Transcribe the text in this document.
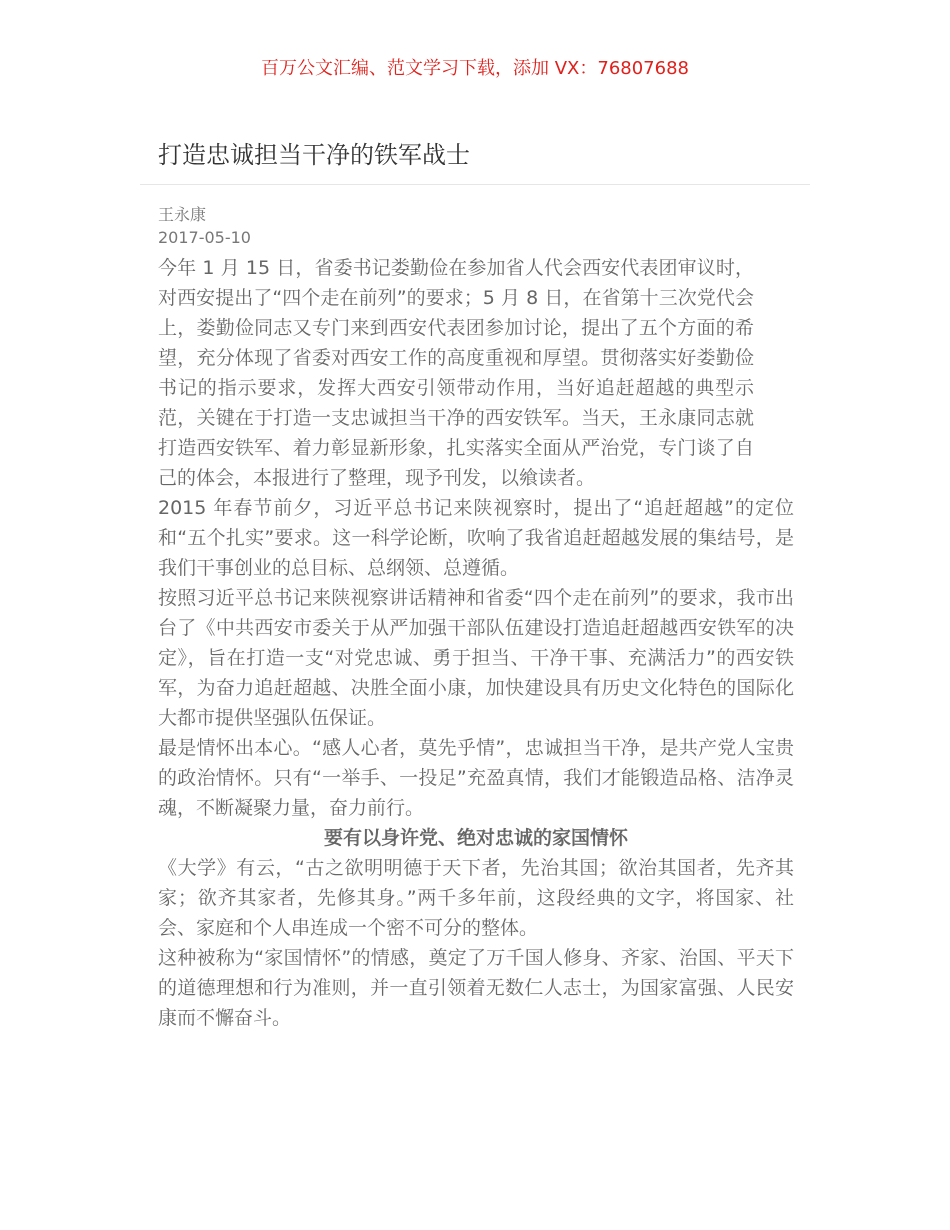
百万公文汇编、范文学习下载，添加 VX：76807688
打造忠诚担当干净的铁军战士
王永康
2017-05-10

今年 1 月 15 日，省委书记娄勤俭在参加省人代会西安代表团审议时，对西安提出了“四个走在前列”的要求；5 月 8 日，在省第十三次党代会上，娄勤俭同志又专门来到西安代表团参加讨论，提出了五个方面的希望，充分体现了省委对西安工作的高度重视和厚望。贯彻落实好娄勤俭书记的指示要求，发挥大西安引领带动作用，当好追赶超越的典型示范，关键在于打造一支忠诚担当干净的西安铁军。当天，王永康同志就打造西安铁军、着力彰显新形象，扎实落实全面从严治党，专门谈了自己的体会，本报进行了整理，现予刊发，以飨读者。

2015 年春节前夕，习近平总书记来陕视察时，提出了“追赶超越”的定位和“五个扎实”要求。这一科学论断，吹响了我省追赶超越发展的集结号，是我们干事创业的总目标、总纲领、总遵循。

按照习近平总书记来陕视察讲话精神和省委“四个走在前列”的要求，我市出台了《中共西安市委关于从严加强干部队伍建设打造追赶超越西安铁军的决定》，旨在打造一支“对党忠诚、勇于担当、干净干事、充满活力”的西安铁军，为奋力追赶超越、决胜全面小康，加快建设具有历史文化特色的国际化大都市提供坚强队伍保证。

最是情怀出本心。“感人心者，莫先乎情”，忠诚担当干净，是共产党人宝贵的政治情怀。只有“一举手、一投足”充盈真情，我们才能锻造品格、洁净灵魂，不断凝聚力量，奋力前行。

要有以身许党、绝对忠诚的家国情怀

《大学》有云，“古之欲明明德于天下者，先治其国；欲治其国者，先齐其家；欲齐其家者，先修其身。”两千多年前，这段经典的文字，将国家、社会、家庭和个人串连成一个密不可分的整体。

这种被称为“家国情怀”的情感，奠定了万千国人修身、齐家、治国、平天下的道德理想和行为准则，并一直引领着无数仁人志士，为国家富强、人民安康而不懈奋斗。
